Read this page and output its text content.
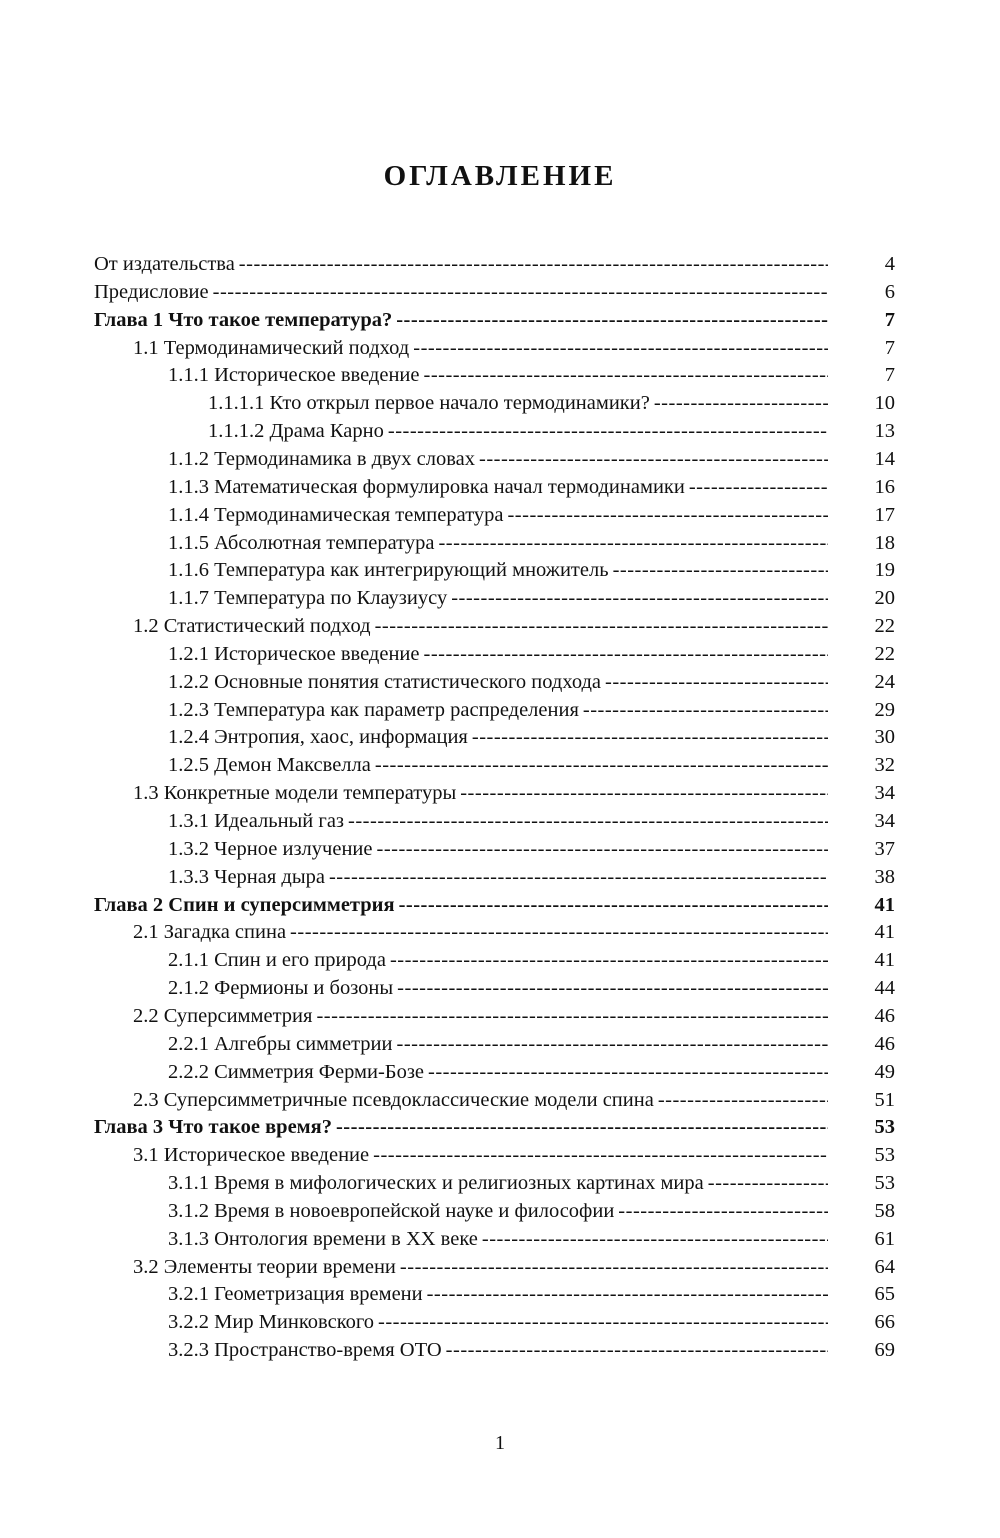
ОГЛАВЛЕНИЕ
От издательства -----	4
Предисловие -----	6
Глава 1 Что такое температура? -----	7
1.1 Термодинамический подход -----	7
1.1.1 Историческое введение -----	7
1.1.1.1 Кто открыл первое начало термодинамики? -----	10
1.1.1.2 Драма Карно -----	13
1.1.2 Термодинамика в двух словах -----	14
1.1.3 Математическая формулировка начал термодинамики -----	16
1.1.4 Термодинамическая температура -----	17
1.1.5 Абсолютная температура -----	18
1.1.6 Температура как интегрирующий множитель -----	19
1.1.7 Температура по Клаузиусу -----	20
1.2 Статистический подход -----	22
1.2.1 Историческое введение -----	22
1.2.2 Основные понятия статистического подхода -----	24
1.2.3 Температура как параметр распределения -----	29
1.2.4 Энтропия, хаос, информация -----	30
1.2.5 Демон Максвелла -----	32
1.3 Конкретные модели температуры -----	34
1.3.1 Идеальный газ -----	34
1.3.2 Черное излучение -----	37
1.3.3 Черная дыра -----	38
Глава 2 Спин и суперсимметрия -----	41
2.1 Загадка спина -----	41
2.1.1 Спин и его природа -----	41
2.1.2 Фермионы и бозоны -----	44
2.2 Суперсимметрия -----	46
2.2.1 Алгебры симметрии -----	46
2.2.2 Симметрия Ферми-Бозе -----	49
2.3 Суперсимметричные псевдоклассические модели спина -----	51
Глава 3 Что такое время? -----	53
3.1 Историческое введение -----	53
3.1.1 Время в мифологических и религиозных картинах мира -----	53
3.1.2 Время в новоевропейской науке и философии -----	58
3.1.3 Онтология времени в XX веке -----	61
3.2 Элементы теории времени -----	64
3.2.1 Геометризация времени -----	65
3.2.2 Мир Минковского -----	66
3.2.3 Пространство-время ОТО -----	69
1
